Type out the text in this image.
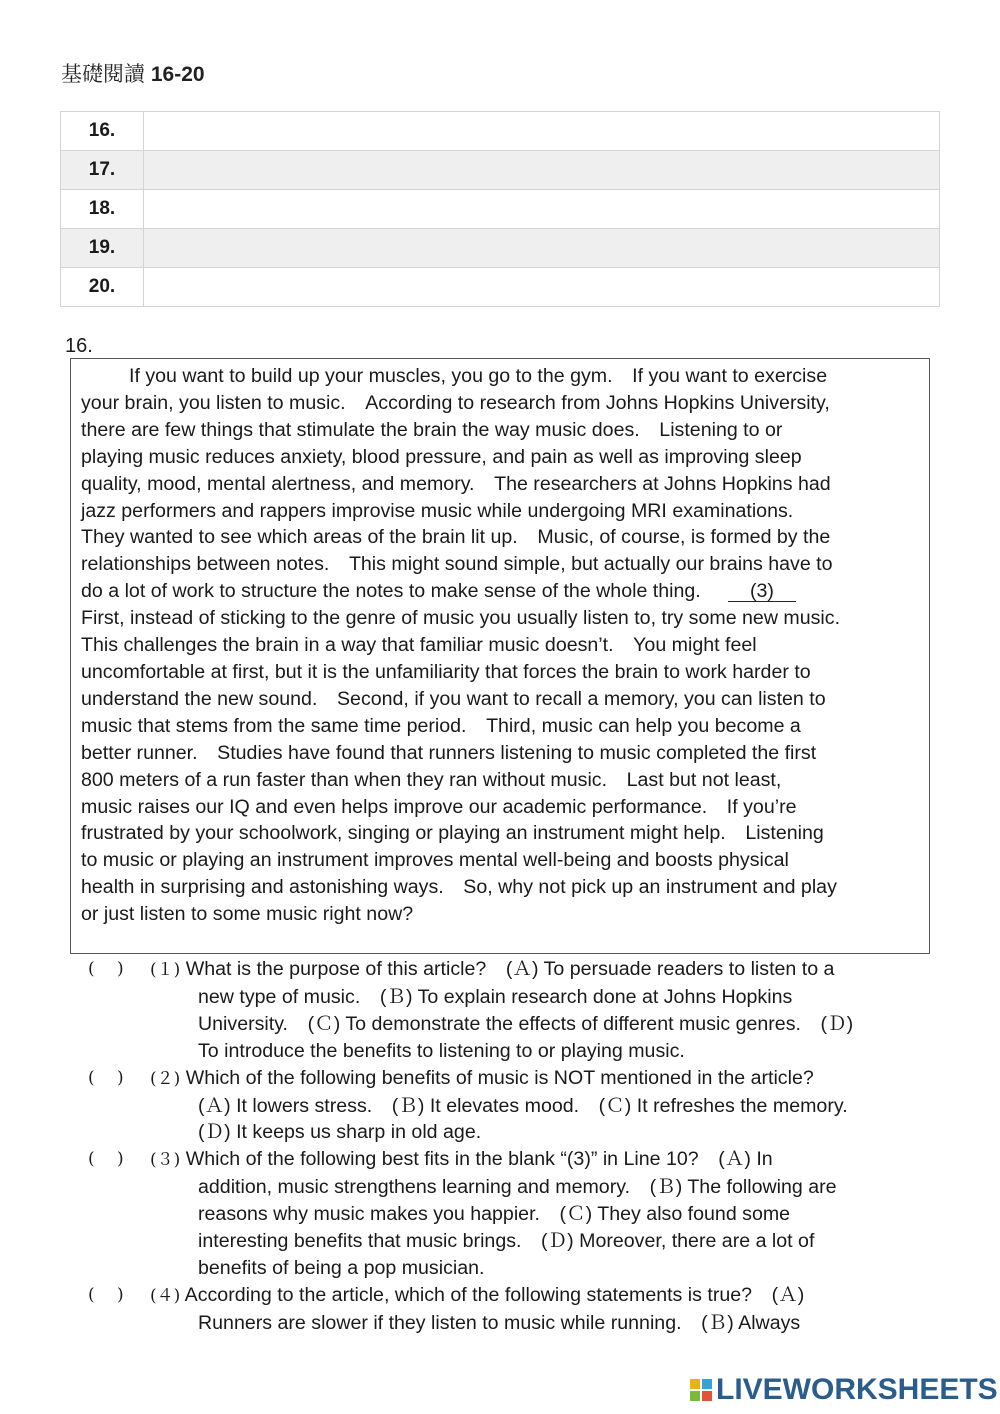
基礎閱讀 16-20
16.	
17.	
18.	
19.	
20.	
16.
If you want to build up your muscles, you go to the gym.　If you want to exercise
your brain, you listen to music.　According to research from Johns Hopkins University,
there are few things that stimulate the brain the way music does.　Listening to or
playing music reduces anxiety, blood pressure, and pain as well as improving sleep
quality, mood, mental alertness, and memory.　The researchers at Johns Hopkins had
jazz performers and rappers improvise music while undergoing MRI examinations.
They wanted to see which areas of the brain lit up.　Music, of course, is formed by the
relationships between notes.　This might sound simple, but actually our brains have to
do a lot of work to structure the notes to make sense of the whole thing.	(3)
First, instead of sticking to the genre of music you usually listen to, try some new music.
This challenges the brain in a way that familiar music doesn’t.　You might feel
uncomfortable at first, but it is the unfamiliarity that forces the brain to work harder to
understand the new sound.　Second, if you want to recall a memory, you can listen to
music that stems from the same time period.　Third, music can help you become a
better runner.　Studies have found that runners listening to music completed the first
800 meters of a run faster than when they ran without music.　Last but not least,
music raises our IQ and even helps improve our academic performance.　If you’re
frustrated by your schoolwork, singing or playing an instrument might help.　Listening
to music or playing an instrument improves mental well-being and boosts physical
health in surprising and astonishing ways.　So, why not pick up an instrument and play
or just listen to some music right now?
(　 ) (１) What is the purpose of this article?　(Ａ) To persuade readers to listen to a
new type of music.　(Ｂ) To explain research done at Johns Hopkins
University.　(Ｃ) To demonstrate the effects of different music genres.　(Ｄ)
To introduce the benefits to listening to or playing music.
(　 ) (２) Which of the following benefits of music is NOT mentioned in the article?
(Ａ) It lowers stress.　(Ｂ) It elevates mood.　(Ｃ) It refreshes the memory.
(Ｄ) It keeps us sharp in old age.
(　 ) (３) Which of the following best fits in the blank “(3)” in Line 10?　(Ａ) In
addition, music strengthens learning and memory.　(Ｂ) The following are
reasons why music makes you happier.　(Ｃ) They also found some
interesting benefits that music brings.　(Ｄ) Moreover, there are a lot of
benefits of being a pop musician.
(　 ) (４) According to the article, which of the following statements is true?　(Ａ)
Runners are slower if they listen to music while running.　(Ｂ) Always
LIVEWORKSHEETS
